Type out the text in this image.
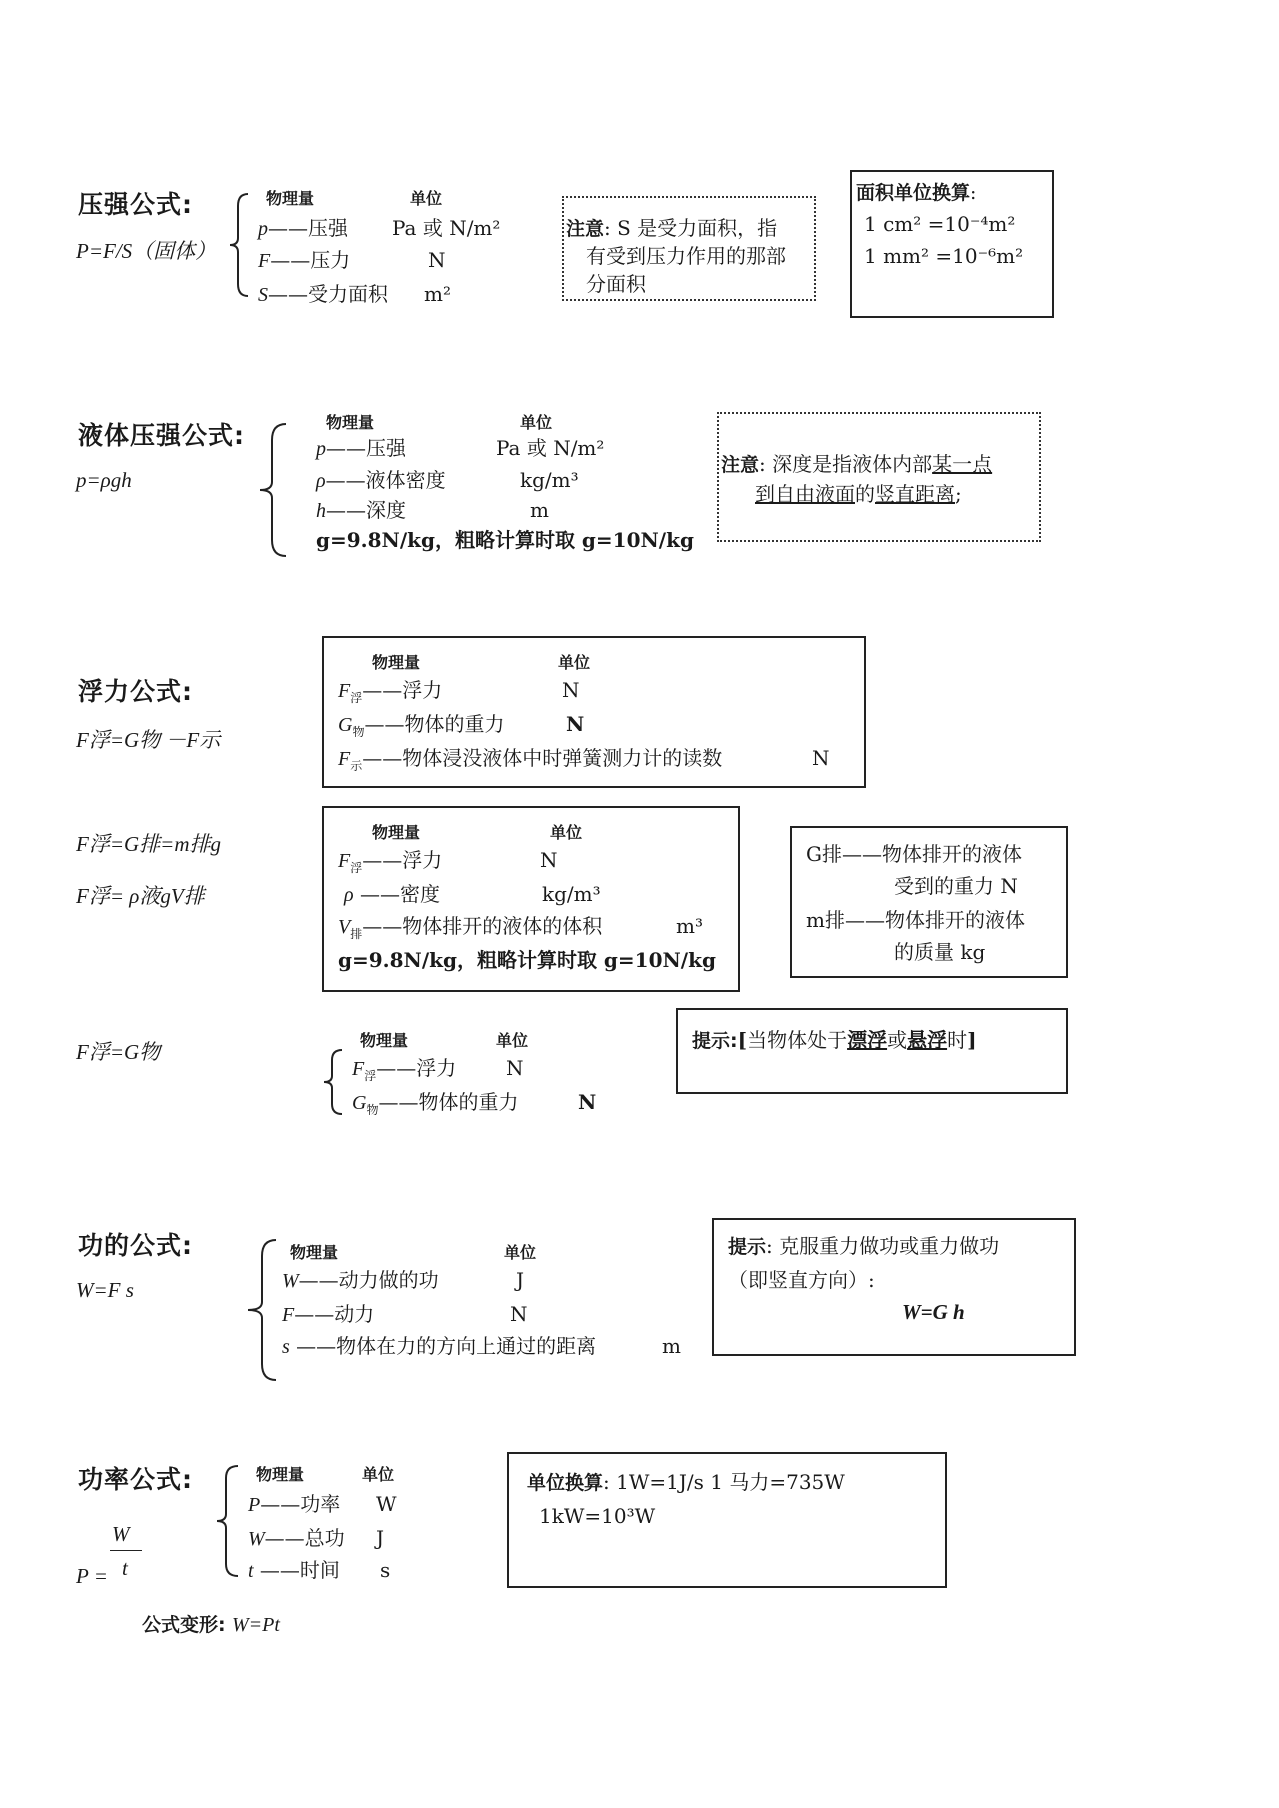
压强公式:
P=F/S（固体）
物理量	单位
p——压强 Pa 或 N/m²
F——压力	N
S——受力面积 m²
注意: S 是受力面积，指
有受到压力作用的那部
分面积
面积单位换算:
1 cm² =10⁻⁴m²
1 mm² =10⁻⁶m²
液体压强公式:
p=ρgh
物理量	单位
p——压强	Pa 或 N/m²
ρ——液体密度	kg/m³
h——深度	m
g=9.8N/kg，粗略计算时取 g=10N/kg
注意: 深度是指液体内部某一点
到自由液面的竖直距离;
浮力公式:
F浮=G物 －F示
物理量	单位
$F_浮——$浮力	N
$G_物——$物体的重力	N
$F_示——$物体浸没液体中时弹簧测力计的读数	N
F浮=G排=m排g
F浮= ρ液gV排
物理量	单位
$F_浮——$浮力	N
ρ ——密度	kg/m³
$V_排——$物体排开的液体的体积	m³
g=9.8N/kg，粗略计算时取 g=10N/kg
G排——物体排开的液体
受到的重力 N
m排——物体排开的液体
的质量 kg
F浮=G物	物理量	单位
$F_浮——$浮力 N
$G_物——$物体的重力	N
提示:[当物体处于漂浮或悬浮时]
功的公式:
W=F s
物理量	单位
W——动力做的功	J
F——动力	N
s ——物体在力的方向上通过的距离	m
提示: 克服重力做功或重力做功
（即竖直方向）:
W=G h
功率公式:
W
t
P =
物理量	单位
P——功率 W
W——总功 J
t ——时间 s
公式变形: W=Pt
单位换算: 1W=1J/s 1 马力=735W
1kW=10³W
